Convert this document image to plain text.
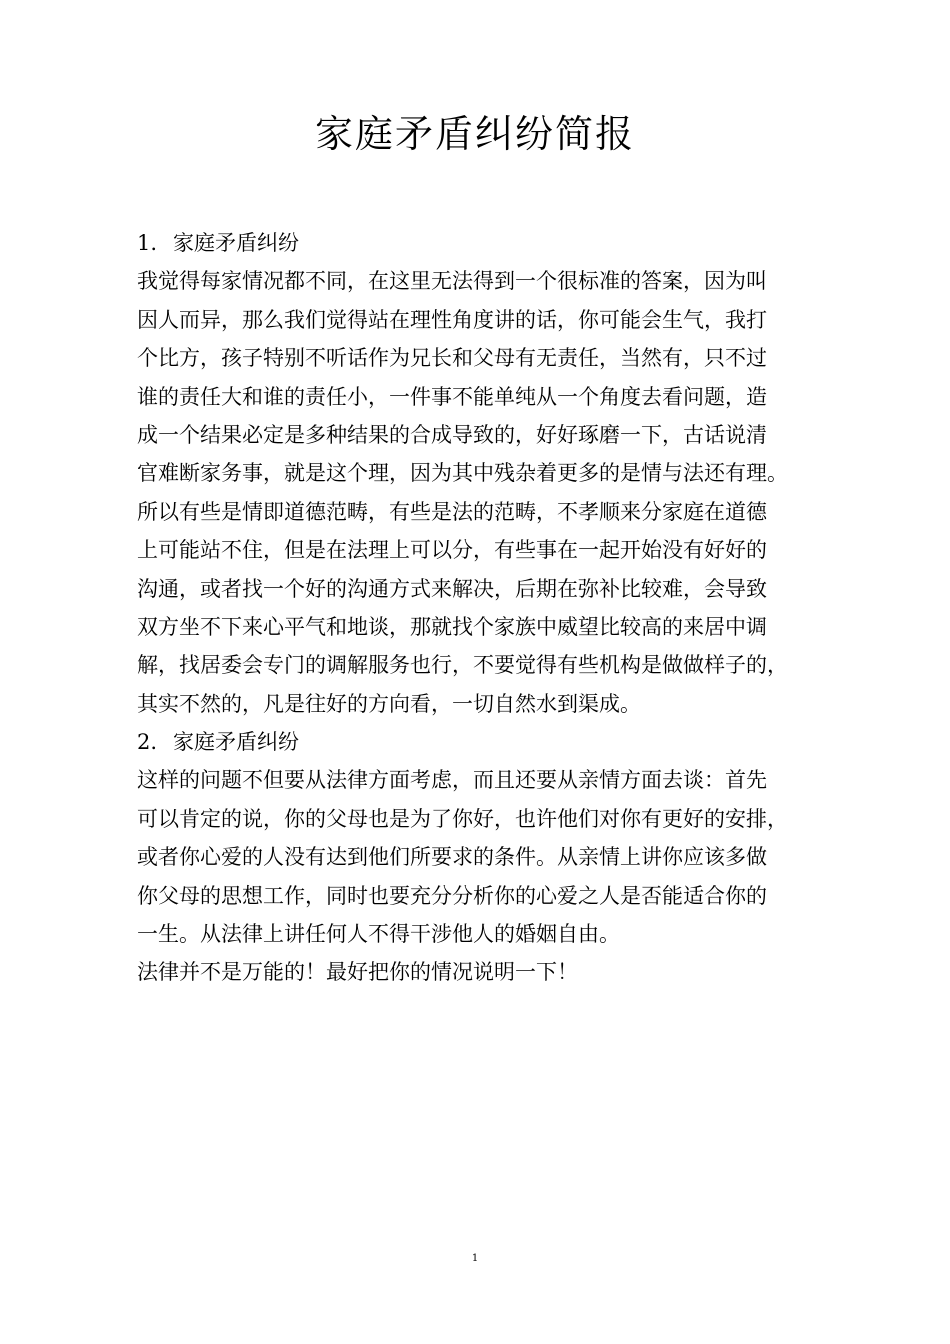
家庭矛盾纠纷简报
1. 家庭矛盾纠纷
我觉得每家情况都不同，在这里无法得到一个很标准的答案，因为叫
因人而异，那么我们觉得站在理性角度讲的话，你可能会生气，我打
个比方，孩子特别不听话作为兄长和父母有无责任，当然有，只不过
谁的责任大和谁的责任小，一件事不能单纯从一个角度去看问题，造
成一个结果必定是多种结果的合成导致的，好好琢磨一下，古话说清
官难断家务事，就是这个理，因为其中残杂着更多的是情与法还有理。
所以有些是情即道德范畴，有些是法的范畴，不孝顺来分家庭在道德
上可能站不住，但是在法理上可以分，有些事在一起开始没有好好的
沟通，或者找一个好的沟通方式来解决，后期在弥补比较难，会导致
双方坐不下来心平气和地谈，那就找个家族中威望比较高的来居中调
解，找居委会专门的调解服务也行，不要觉得有些机构是做做样子的，
其实不然的，凡是往好的方向看，一切自然水到渠成。
2. 家庭矛盾纠纷
这样的问题不但要从法律方面考虑，而且还要从亲情方面去谈：首先
可以肯定的说，你的父母也是为了你好，也许他们对你有更好的安排，
或者你心爱的人没有达到他们所要求的条件。从亲情上讲你应该多做
你父母的思想工作，同时也要充分分析你的心爱之人是否能适合你的
一生。从法律上讲任何人不得干涉他人的婚姻自由。
法律并不是万能的！最好把你的情况说明一下！
1
